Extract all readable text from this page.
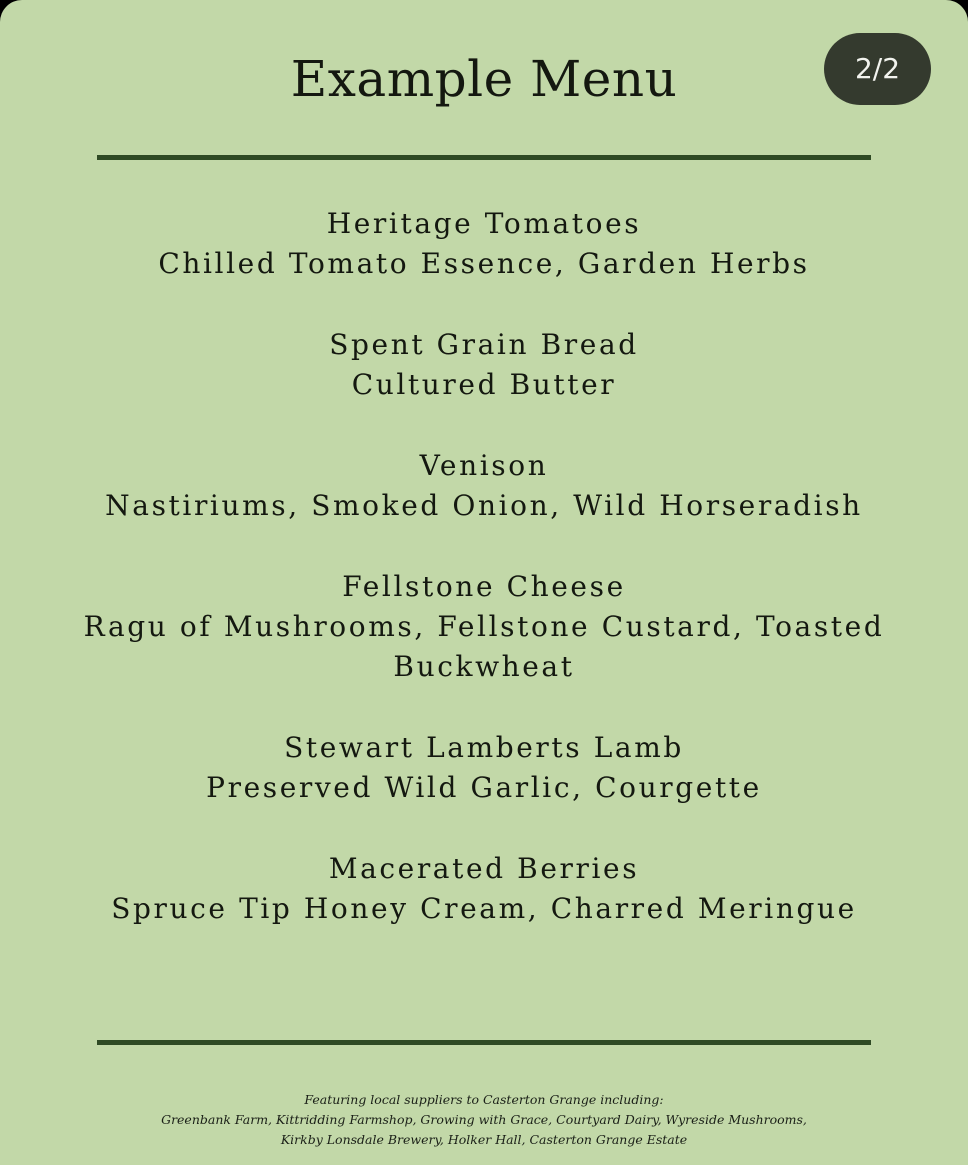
Example Menu	2/2
Heritage Tomatoes
Chilled Tomato Essence, Garden Herbs
Spent Grain Bread
Cultured Butter
Venison
Nastiriums, Smoked Onion, Wild Horseradish
Fellstone Cheese
Ragu of Mushrooms, Fellstone Custard, Toasted Buckwheat
Stewart Lamberts Lamb
Preserved Wild Garlic, Courgette
Macerated Berries
Spruce Tip Honey Cream, Charred Meringue
Featuring local suppliers to Casterton Grange including:
Greenbank Farm, Kittridding Farmshop, Growing with Grace, Courtyard Dairy, Wyreside Mushrooms,
Kirkby Lonsdale Brewery, Holker Hall, Casterton Grange Estate
